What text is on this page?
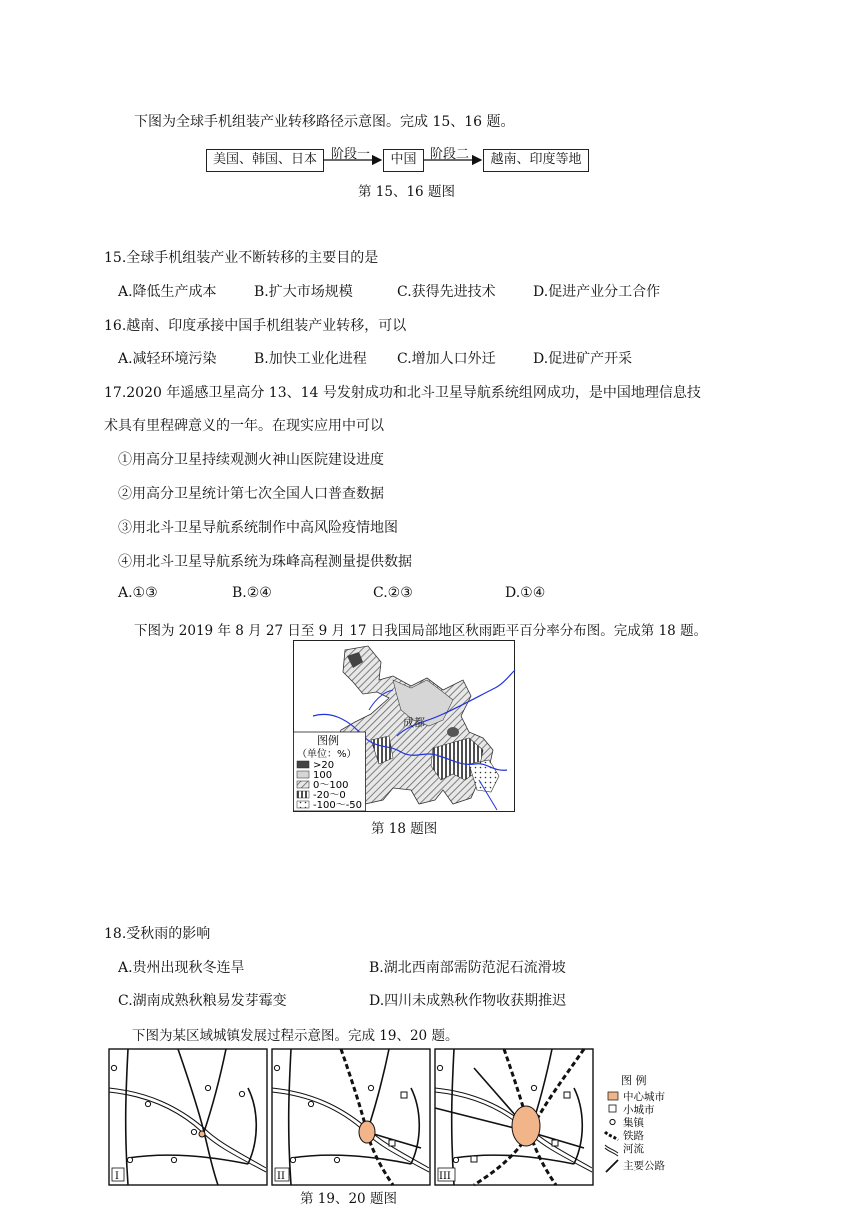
下图为全球手机组装产业转移路径示意图。完成 15、16 题。
美国、韩国、日本	阶段一	中国	阶段二	越南、印度等地
第 15、16 题图
15.全球手机组装产业不断转移的主要目的是
A.降低生产成本	B.扩大市场规模	C.获得先进技术	D.促进产业分工合作
16.越南、印度承接中国手机组装产业转移，可以
A.减轻环境污染	B.加快工业化进程 C.增加人口外迁	D.促进矿产开采
17.2020 年遥感卫星高分 13、14 号发射成功和北斗卫星导航系统组网成功，是中国地理信息技
术具有里程碑意义的一年。在现实应用中可以
①用高分卫星持续观测火神山医院建设进度
②用高分卫星统计第七次全国人口普查数据
③用北斗卫星导航系统制作中高风险疫情地图
④用北斗卫星导航系统为珠峰高程测量提供数据
A.①③	B.②④	C.②③	D.①④
下图为 2019 年 8 月 27 日至 9 月 17 日我国局部地区秋雨距平百分率分布图。完成第 18 题。
成都
图例
（单位：%）
>20
100
0～100
-20～0
-100～-50
第 18 题图
18.受秋雨的影响
A.贵州出现秋冬连旱	B.湖北西南部需防范泥石流滑坡
C.湖南成熟秋粮易发芽霉变	D.四川未成熟秋作物收获期推迟
下图为某区域城镇发展过程示意图。完成 19、20 题。
I	II	III
图 例
中心城市
小城市
集镇
铁路
河流
主要公路
第 19、20 题图
